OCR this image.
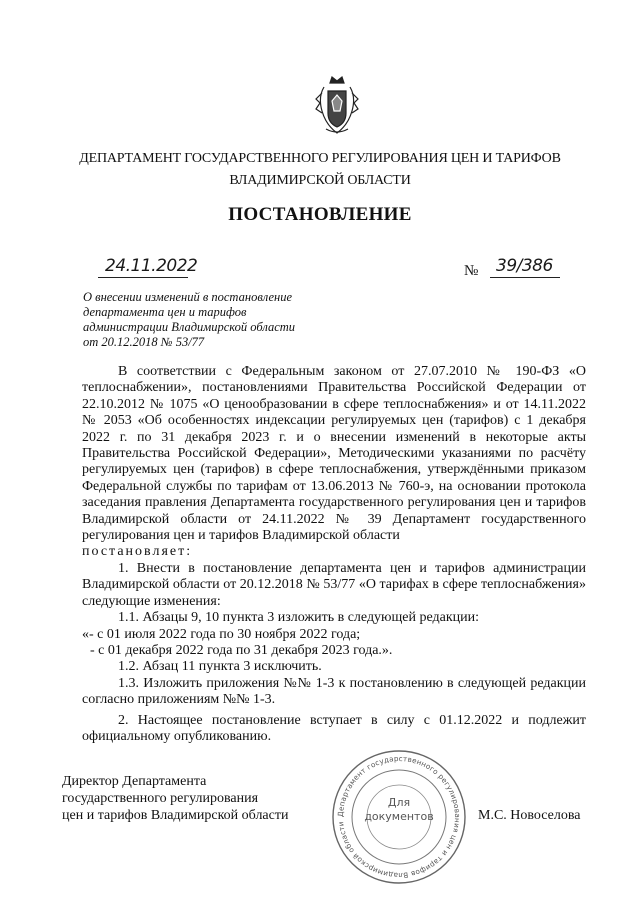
ДЕПАРТАМЕНТ ГОСУДАРСТВЕННОГО РЕГУЛИРОВАНИЯ ЦЕН И ТАРИФОВ
ВЛАДИМИРСКОЙ ОБЛАСТИ
ПОСТАНОВЛЕНИЕ
24.11.2022	№ 39/386
О внесении изменений в постановление
департамента цен и тарифов
администрации Владимирской области
от 20.12.2018 № 53/77

В соответствии с Федеральным законом от 27.07.2010 № 190-ФЗ «О теплоснабжении», постановлениями Правительства Российской Федерации от 22.10.2012 № 1075 «О ценообразовании в сфере теплоснабжения» и от 14.11.2022 № 2053 «Об особенностях индексации регулируемых цен (тарифов) с 1 декабря 2022 г. по 31 декабря 2023 г. и о внесении изменений в некоторые акты Правительства Российской Федерации», Методическими указаниями по расчёту регулируемых цен (тарифов) в сфере теплоснабжения, утверждёнными приказом Федеральной службы по тарифам от 13.06.2013 № 760-э, на основании протокола заседания правления Департамента государственного регулирования цен и тарифов Владимирской области от 24.11.2022 № 39 Департамент государственного регулирования цен и тарифов Владимирской области

постановляет:

1. Внести в постановление департамента цен и тарифов администрации Владимирской области от 20.12.2018 № 53/77 «О тарифах в сфере теплоснабжения» следующие изменения:

1.1. Абзацы 9, 10 пункта 3 изложить в следующей редакции:

«- с 01 июля 2022 года по 30 ноября 2022 года;

- с 01 декабря 2022 года по 31 декабря 2023 года.».

1.2. Абзац 11 пункта 3 исключить.

1.3. Изложить приложения №№ 1-3 к постановлению в следующей редакции согласно приложениям №№ 1-3.

2. Настоящее постановление вступает в силу с 01.12.2022 и подлежит официальному опубликованию.

Директор Департамента
государственного регулирования
цен и тарифов Владимирской области	Департамент государственного регулирования цен и тарифов Владимирской области
Для
документов	М.С. Новоселова
